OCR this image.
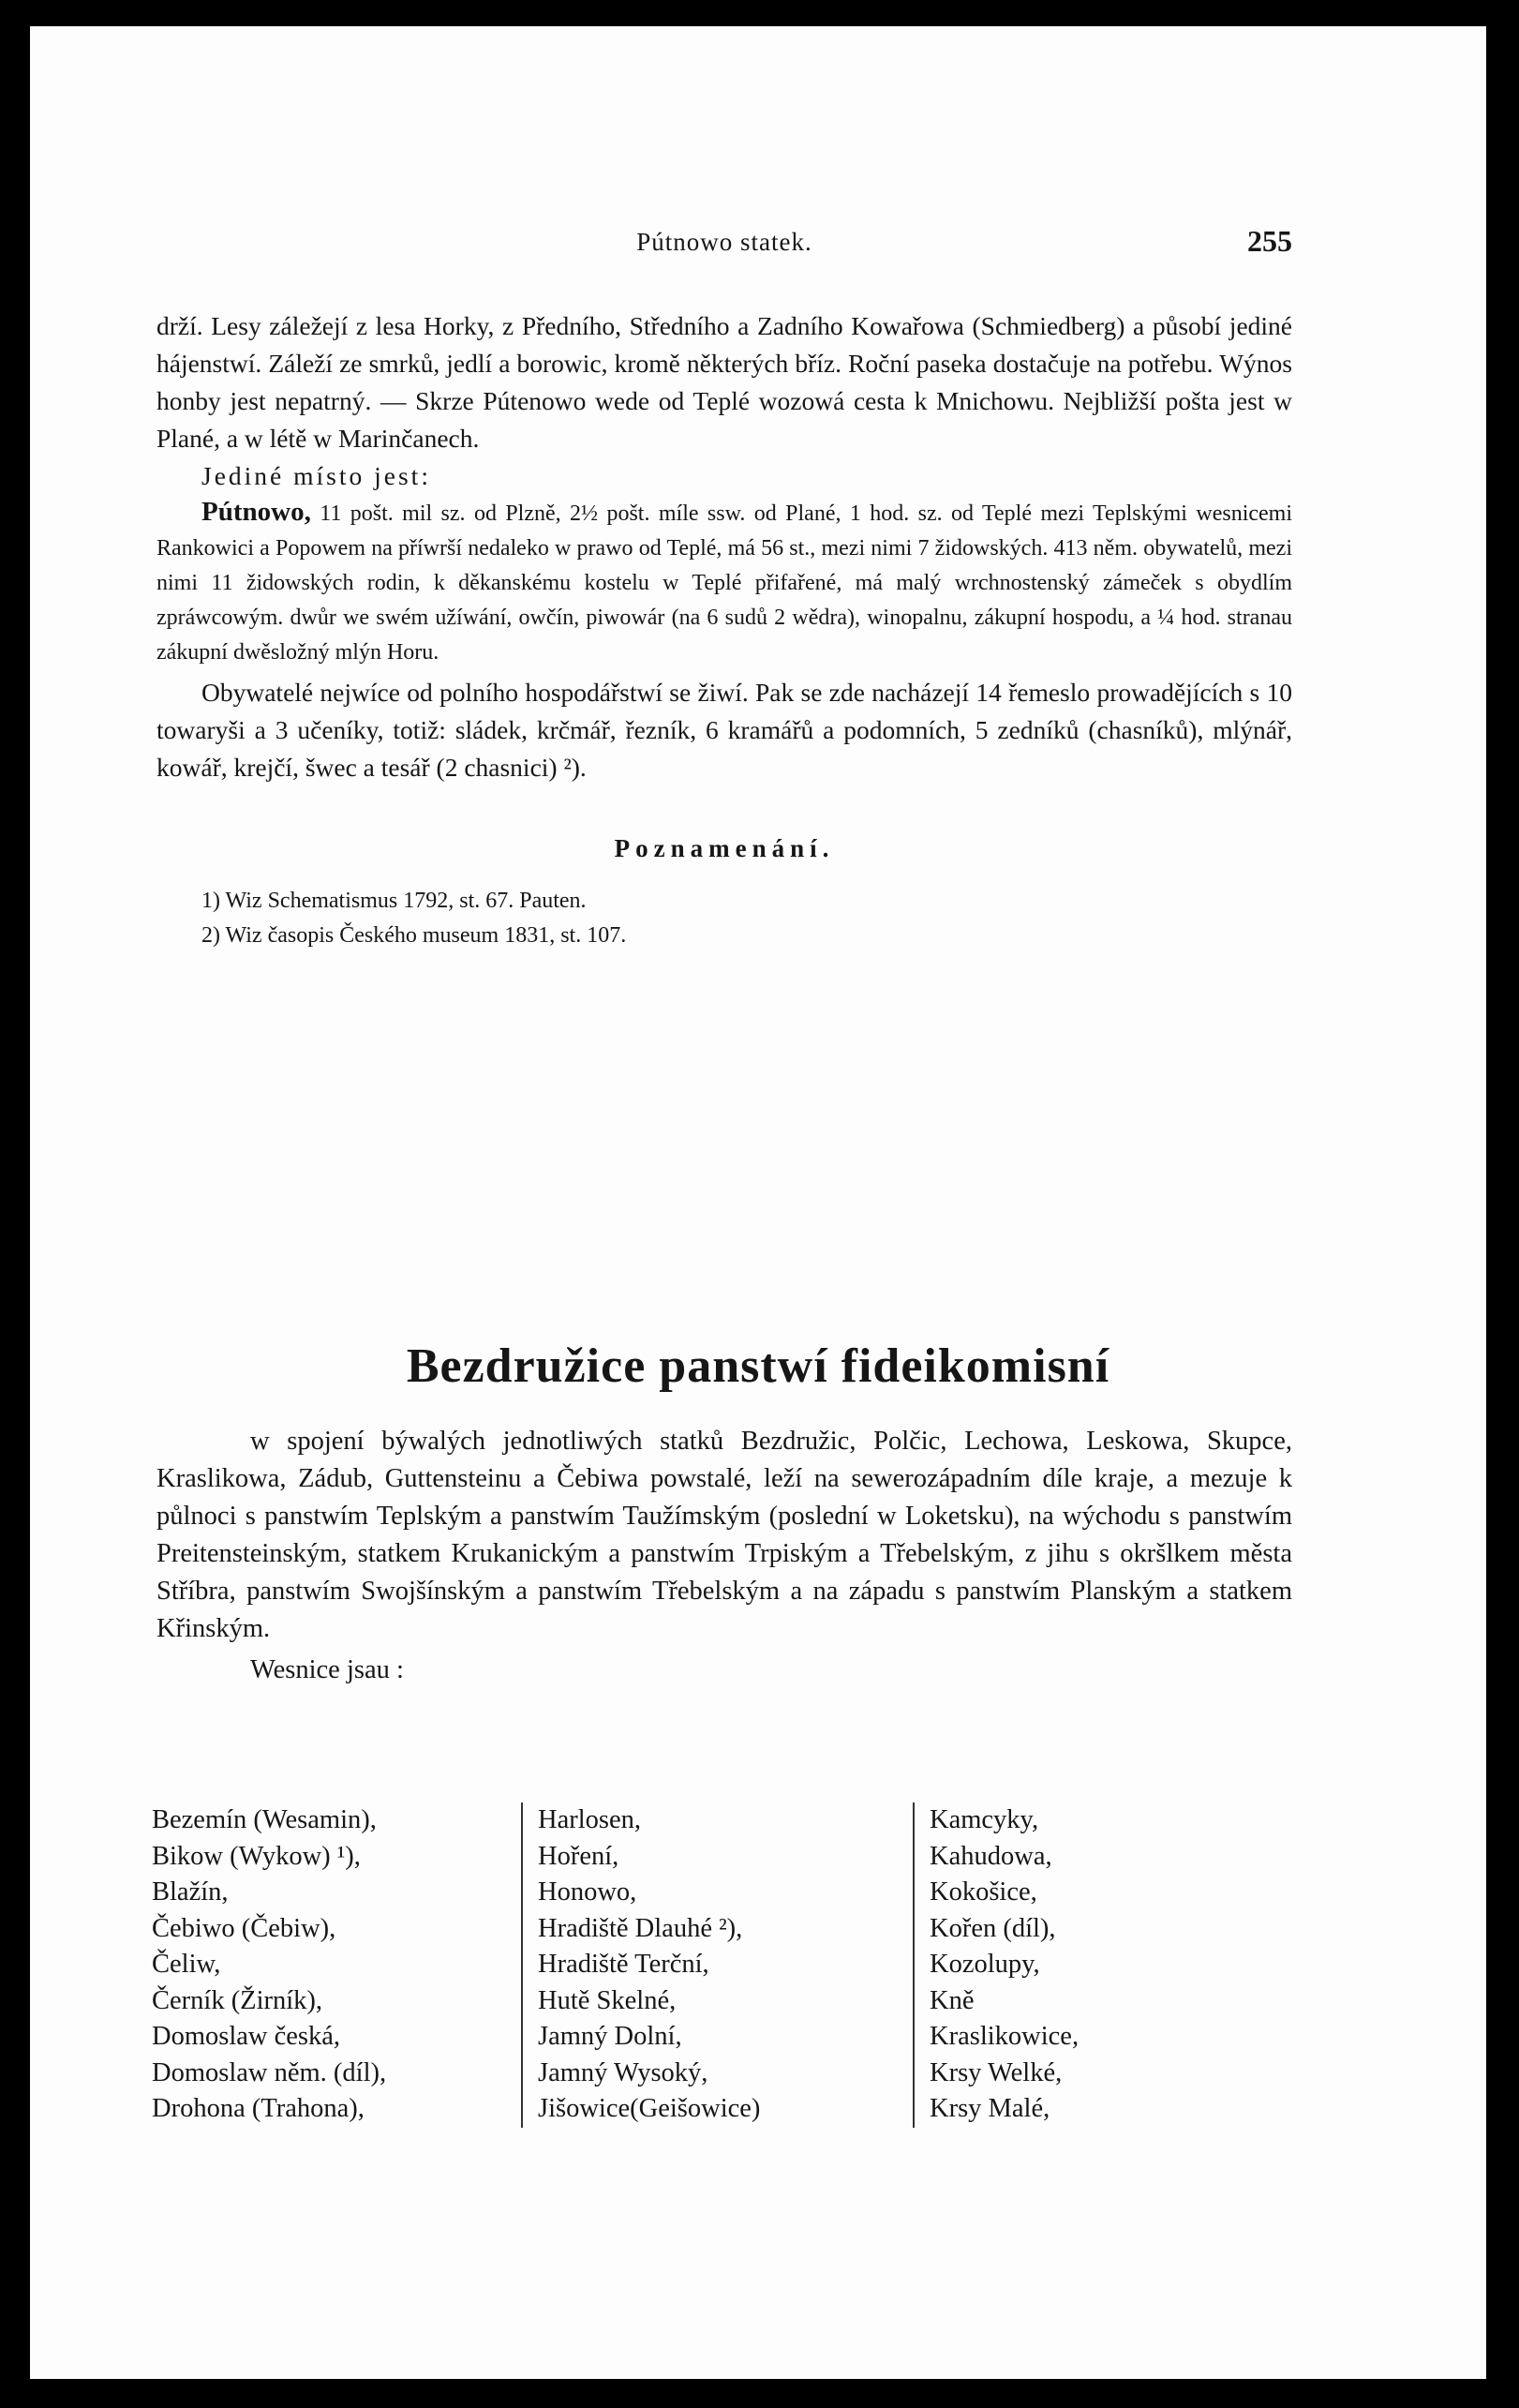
Pútnowo statek.	255
drží. Lesy záležejí z lesa Horky, z Předního, Středního a Zadního Kowařowa (Schmiedberg) a působí jediné hájenstwí. Záleží ze smrků, jedlí a borowic, kromě některých bříz. Roční paseka dostačuje na potřebu. Wýnos honby jest nepatrný. — Skrze Pútenowo wede od Teplé wozowá cesta k Mnichowu. Nejbližší pošta jest w Plané, a w létě w Marinčanech.
Jediné místo jest:
Pútnowo, 11 pošt. mil sz. od Plzně, 2½ pošt. míle ssw. od Plané, 1 hod. sz. od Teplé mezi Teplskými wesnicemi Rankowici a Popowem na příwrší nedaleko w prawo od Teplé, má 56 st., mezi nimi 7 židowských. 413 něm. obywatelů, mezi nimi 11 židowských rodin, k děkanskému kostelu w Teplé přifařené, má malý wrchnostenský zámeček s obydlím zpráwcowým. dwůr we swém užíwání, owčín, piwowár (na 6 sudů 2 wědra), winopalnu, zákupní hospodu, a ¼ hod. stranau zákupní dwěsložný mlýn Horu.
Obywatelé nejwíce od polního hospodářstwí se žiwí. Pak se zde nacházejí 14 řemeslo prowadějících s 10 towaryši a 3 učeníky, totiž: sládek, krčmář, řezník, 6 kramářů a podomních, 5 zedníků (chasníků), mlýnář, kowář, krejčí, šwec a tesář (2 chasnici) ²).
Poznamenání.
1) Wiz Schematismus 1792, st. 67. Pauten.
2) Wiz časopis Českého museum 1831, st. 107.
Bezdružice panstwí fideikomisní
w spojení býwalých jednotliwých statků Bezdružic, Polčic, Lechowa, Leskowa, Skupce, Kraslikowa, Zádub, Guttensteinu a Čebiwa powstalé, leží na sewerozápadním díle kraje, a mezuje k půlnoci s panstwím Teplským a panstwím Taužímským (poslední w Loketsku), na wýchodu s panstwím Preitensteinským, statkem Krukanickým a panstwím Trpiským a Třebelským, z jihu s okršlkem města Stříbra, panstwím Swojšínským a panstwím Třebelským a na západu s panstwím Planským a statkem Křinským.
Wesnice jsau :
Bezemín (Wesamin),
Bikow (Wykow) ¹),
Blažín,
Čebiwo (Čebiw),
Čeliw,
Černík (Žirník),
Domoslaw česká,
Domoslaw něm. (díl),
Drohona (Trahona),
Harlosen,
Hoření,
Honowo,
Hradiště Dlauhé ²),
Hradiště Terční,
Hutě Skelné,
Jamný Dolní,
Jamný Wysoký,
Jišowice(Geišowice)
Kamcyky,
Kahudowa,
Kokošice,
Kořen (díl),
Kozolupy,
Kně
Kraslikowice,
Krsy Welké,
Krsy Malé,
